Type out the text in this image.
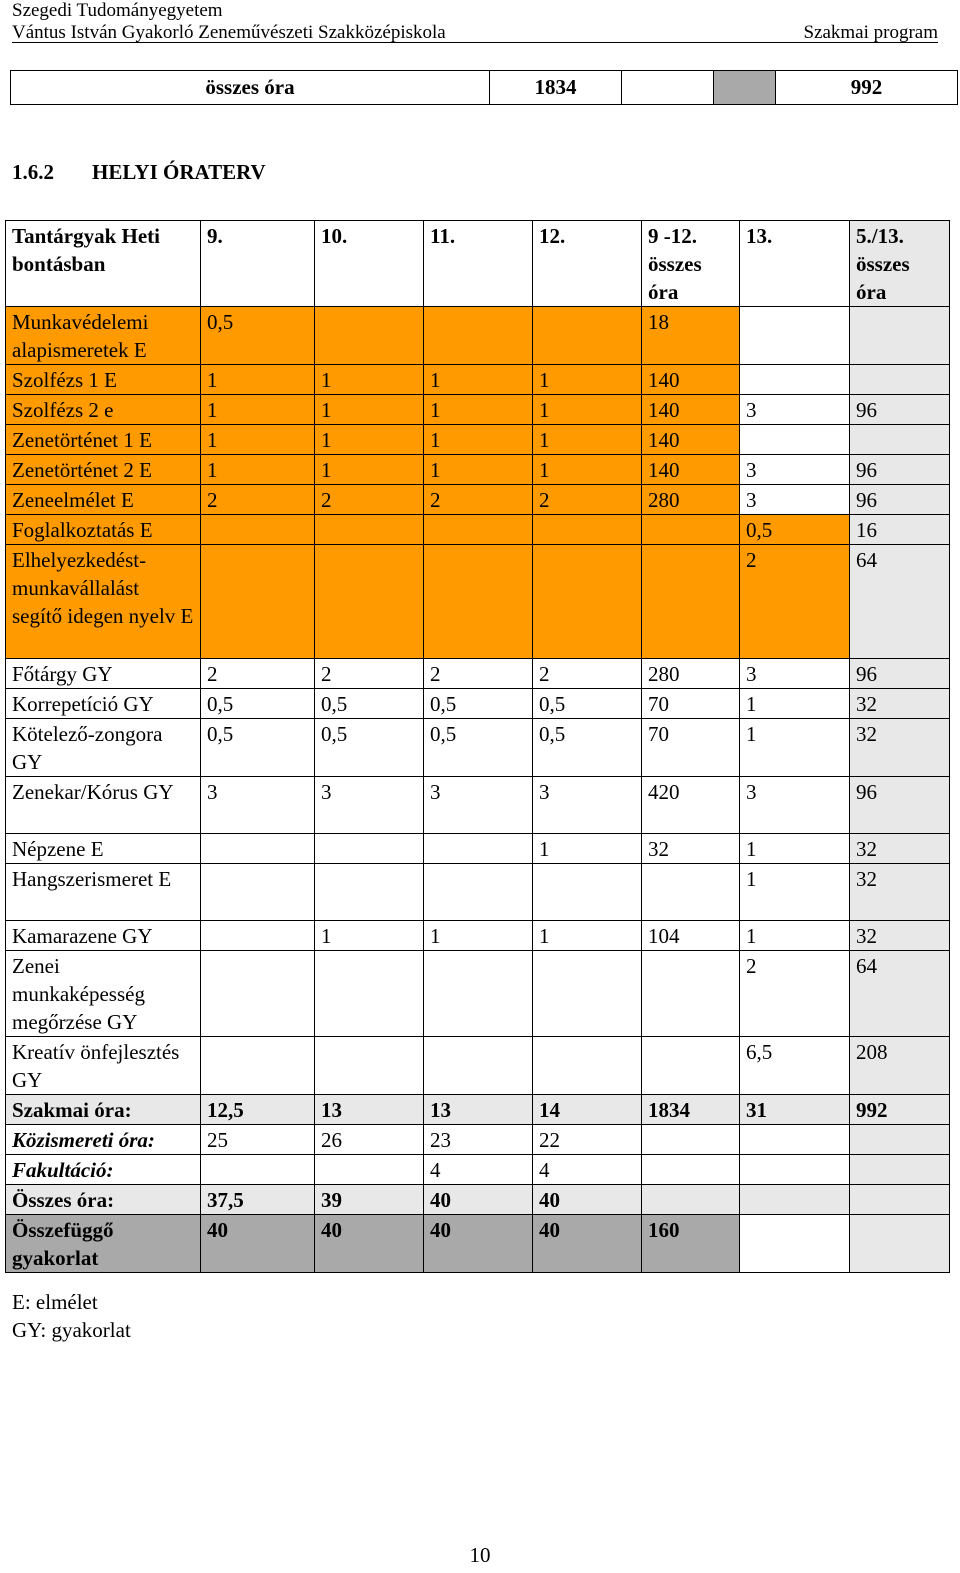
Szegedi Tudományegyetem
Vántus István Gyakorló Zeneművészeti Szakközépiskola	Szakmai program
összes óra	1834			992
1.6.2 HELYI ÓRATERV
Tantárgyak Heti bontásban	9.	10.	11.	12.	9 -12. összes óra	13.	5./13. összes óra
Munkavédelemi alapismeretek E	0,5				18		
Szolfézs 1 E	1	1	1	1	140		
Szolfézs 2 e	1	1	1	1	140	3	96
Zenetörténet 1 E	1	1	1	1	140		
Zenetörténet 2 E	1	1	1	1	140	3	96
Zeneelmélet E	2	2	2	2	280	3	96
Foglalkoztatás E						0,5	16
Elhelyezkedést-munkavállalást segítő idegen nyelv E						2	64
Főtárgy GY	2	2	2	2	280	3	96
Korrepetíció GY	0,5	0,5	0,5	0,5	70	1	32
Kötelező-zongora GY	0,5	0,5	0,5	0,5	70	1	32
Zenekar/Kórus GY	3	3	3	3	420	3	96
Népzene E				1	32	1	32
Hangszerismeret E						1	32
Kamarazene GY		1	1	1	104	1	32
Zenei munkaképesség megőrzése GY						2	64
Kreatív önfejlesztés GY						6,5	208
Szakmai óra:	12,5	13	13	14	1834	31	992
Közismereti óra:	25	26	23	22			
Fakultáció:			4	4			
Összes óra:	37,5	39	40	40			
Összefüggő gyakorlat	40	40	40	40	160		
E: elmélet
GY: gyakorlat
10
